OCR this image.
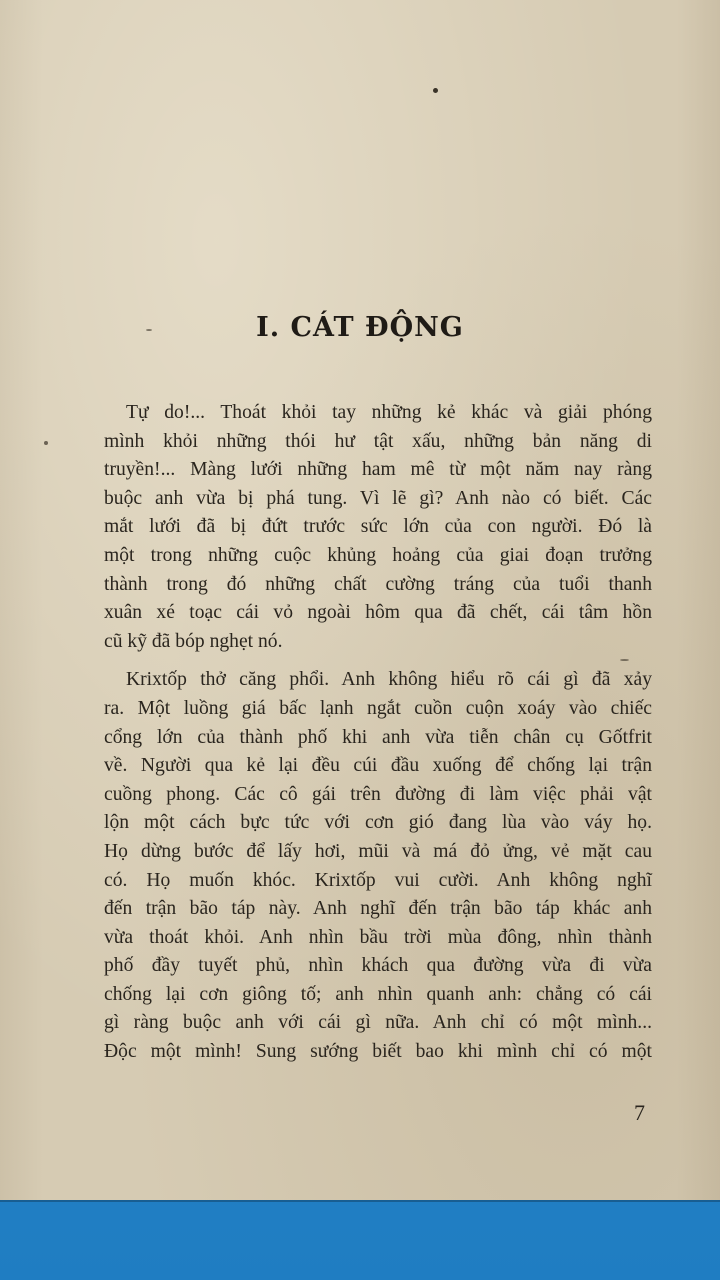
I. CÁT ĐỘNG

Tự do!... Thoát khỏi tay những kẻ khác và giải phóng
mình khỏi những thói hư tật xấu, những bản năng di
truyền!... Màng lưới những ham mê từ một năm nay ràng
buộc anh vừa bị phá tung. Vì lẽ gì? Anh nào có biết. Các
mắt lưới đã bị đứt trước sức lớn của con người. Đó là
một trong những cuộc khủng hoảng của giai đoạn trưởng
thành trong đó những chất cường tráng của tuổi thanh
xuân xé toạc cái vỏ ngoài hôm qua đã chết, cái tâm hồn
cũ kỹ đã bóp nghẹt nó.

Krixtốp thở căng phổi. Anh không hiểu rõ cái gì đã xảy
ra. Một luồng giá bấc lạnh ngắt cuồn cuộn xoáy vào chiếc
cổng lớn của thành phố khi anh vừa tiễn chân cụ Gốtfrit
về. Người qua kẻ lại đều cúi đầu xuống để chống lại trận
cuồng phong. Các cô gái trên đường đi làm việc phải vật
lộn một cách bực tức với cơn gió đang lùa vào váy họ.
Họ dừng bước để lấy hơi, mũi và má đỏ ửng, vẻ mặt cau
có. Họ muốn khóc. Krixtốp vui cười. Anh không nghĩ
đến trận bão táp này. Anh nghĩ đến trận bão táp khác anh
vừa thoát khỏi. Anh nhìn bầu trời mùa đông, nhìn thành
phố đầy tuyết phủ, nhìn khách qua đường vừa đi vừa
chống lại cơn giông tố; anh nhìn quanh anh: chẳng có cái
gì ràng buộc anh với cái gì nữa. Anh chỉ có một mình...
Độc một mình! Sung sướng biết bao khi mình chỉ có một

7
